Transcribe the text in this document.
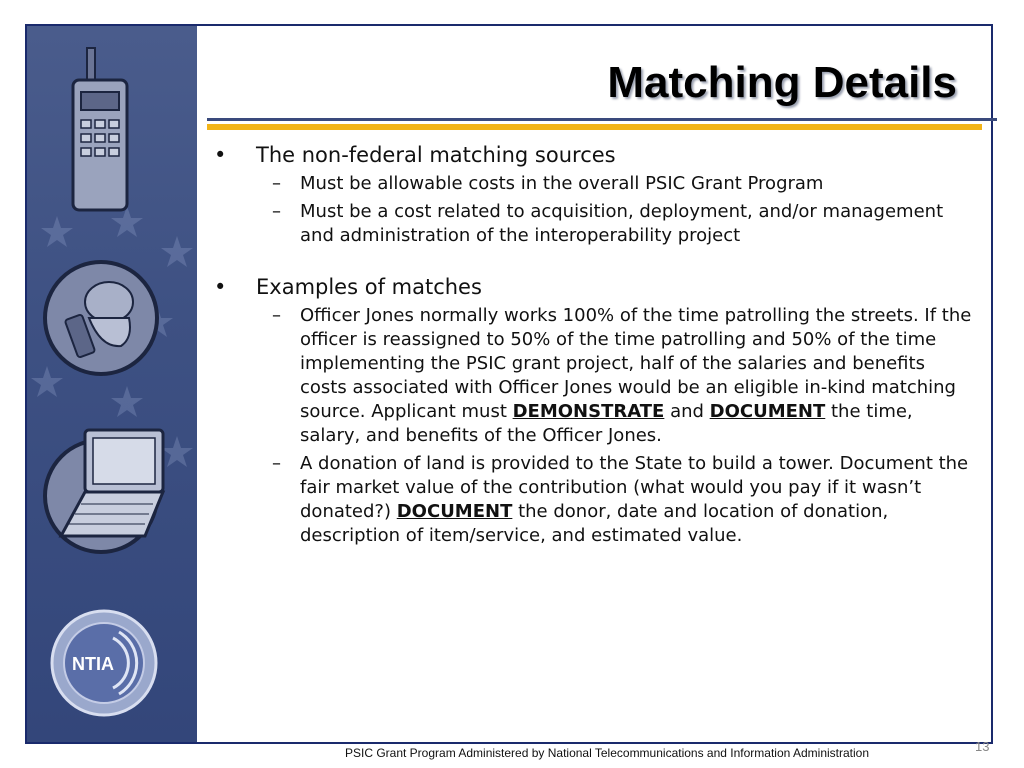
NTIA
Matching Details
• The non-federal matching sources
– Must be allowable costs in the overall PSIC Grant Program
– Must be a cost related to acquisition, deployment, and/or management and administration of the interoperability project
• Examples of matches
– Officer Jones normally works 100% of the time patrolling the streets. If the officer is reassigned to 50% of the time patrolling and 50% of the time implementing the PSIC grant project, half of the salaries and benefits costs associated with Officer Jones would be an eligible in-kind matching source. Applicant must DEMONSTRATE and DOCUMENT the time, salary, and benefits of the Officer Jones.
– A donation of land is provided to the State to build a tower. Document the fair market value of the contribution (what would you pay if it wasn’t donated?) DOCUMENT the donor, date and location of donation, description of item/service, and estimated value.
13
PSIC Grant Program Administered by National Telecommunications and Information Administration
